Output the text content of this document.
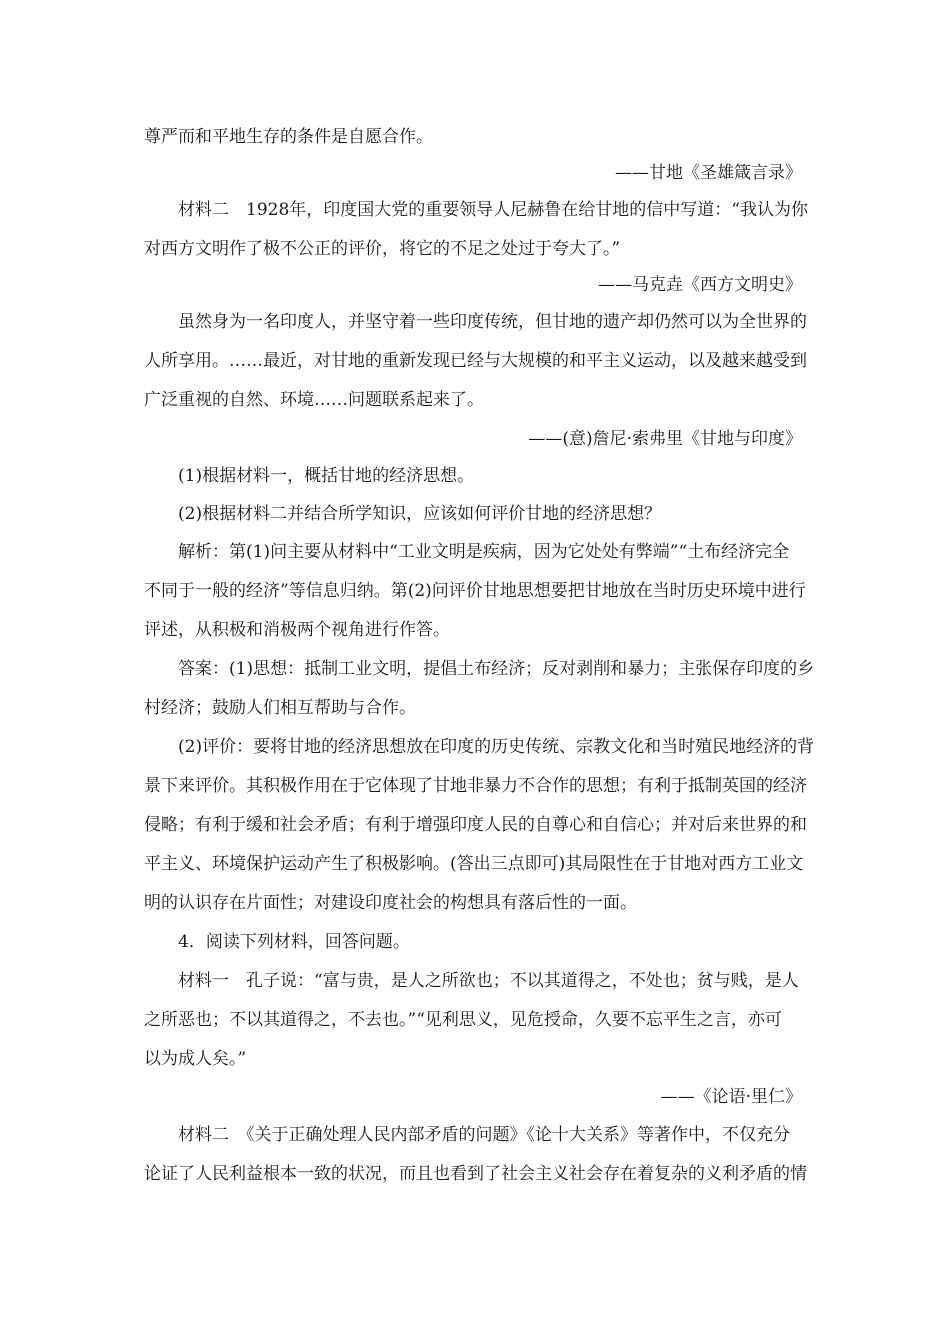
尊严而和平地生存的条件是自愿合作。
——甘地《圣雄箴言录》
材料二　1928年，印度国大党的重要领导人尼赫鲁在给甘地的信中写道：“我认为你
对西方文明作了极不公正的评价，将它的不足之处过于夸大了。”
——马克垚《西方文明史》
虽然身为一名印度人，并坚守着一些印度传统，但甘地的遗产却仍然可以为全世界的
人所享用。……最近，对甘地的重新发现已经与大规模的和平主义运动，以及越来越受到
广泛重视的自然、环境……问题联系起来了。
——(意)詹尼·索弗里《甘地与印度》
(1)根据材料一，概括甘地的经济思想。
(2)根据材料二并结合所学知识，应该如何评价甘地的经济思想？
解析：第(1)问主要从材料中“工业文明是疾病，因为它处处有弊端”“土布经济完全
不同于一般的经济”等信息归纳。第(2)问评价甘地思想要把甘地放在当时历史环境中进行
评述，从积极和消极两个视角进行作答。
答案：(1)思想：抵制工业文明，提倡土布经济；反对剥削和暴力；主张保存印度的乡
村经济；鼓励人们相互帮助与合作。
(2)评价：要将甘地的经济思想放在印度的历史传统、宗教文化和当时殖民地经济的背
景下来评价。其积极作用在于它体现了甘地非暴力不合作的思想；有利于抵制英国的经济
侵略；有利于缓和社会矛盾；有利于增强印度人民的自尊心和自信心；并对后来世界的和
平主义、环境保护运动产生了积极影响。(答出三点即可)其局限性在于甘地对西方工业文
明的认识存在片面性；对建设印度社会的构想具有落后性的一面。
4．阅读下列材料，回答问题。
材料一　孔子说：“富与贵，是人之所欲也；不以其道得之，不处也；贫与贱，是人
之所恶也；不以其道得之，不去也。”“见利思义，见危授命，久要不忘平生之言，亦可
以为成人矣。”
——《论语·里仁》
材料二　《关于正确处理人民内部矛盾的问题》《论十大关系》等著作中，不仅充分
论证了人民利益根本一致的状况，而且也看到了社会主义社会存在着复杂的义利矛盾的情
